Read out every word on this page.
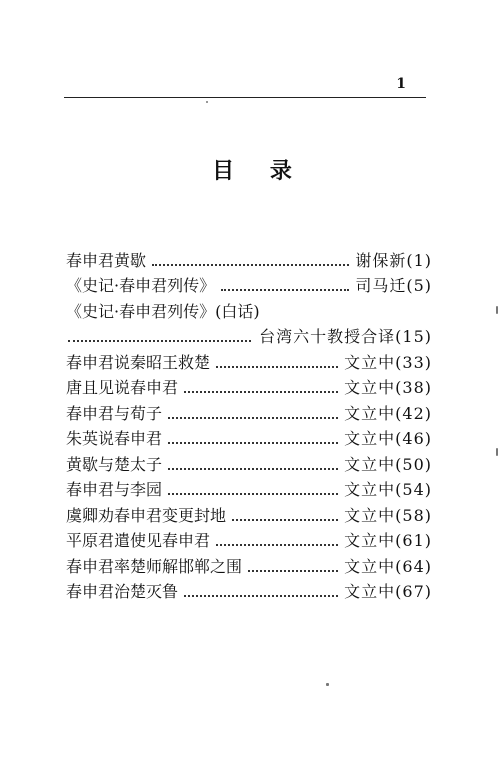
1
目 录
春申君黄歇	谢保新(1)
《史记·春申君列传》	司马迁(5)
《史记·春申君列传》(白话)
台湾六十教授合译(15)
春申君说秦昭王救楚	文立中(33)
唐且见说春申君	文立中(38)
春申君与荀子	文立中(42)
朱英说春申君	文立中(46)
黄歇与楚太子	文立中(50)
春申君与李园	文立中(54)
虞卿劝春申君变更封地	文立中(58)
平原君遣使见春申君	文立中(61)
春申君率楚师解邯郸之围	文立中(64)
春申君治楚灭鲁	文立中(67)
